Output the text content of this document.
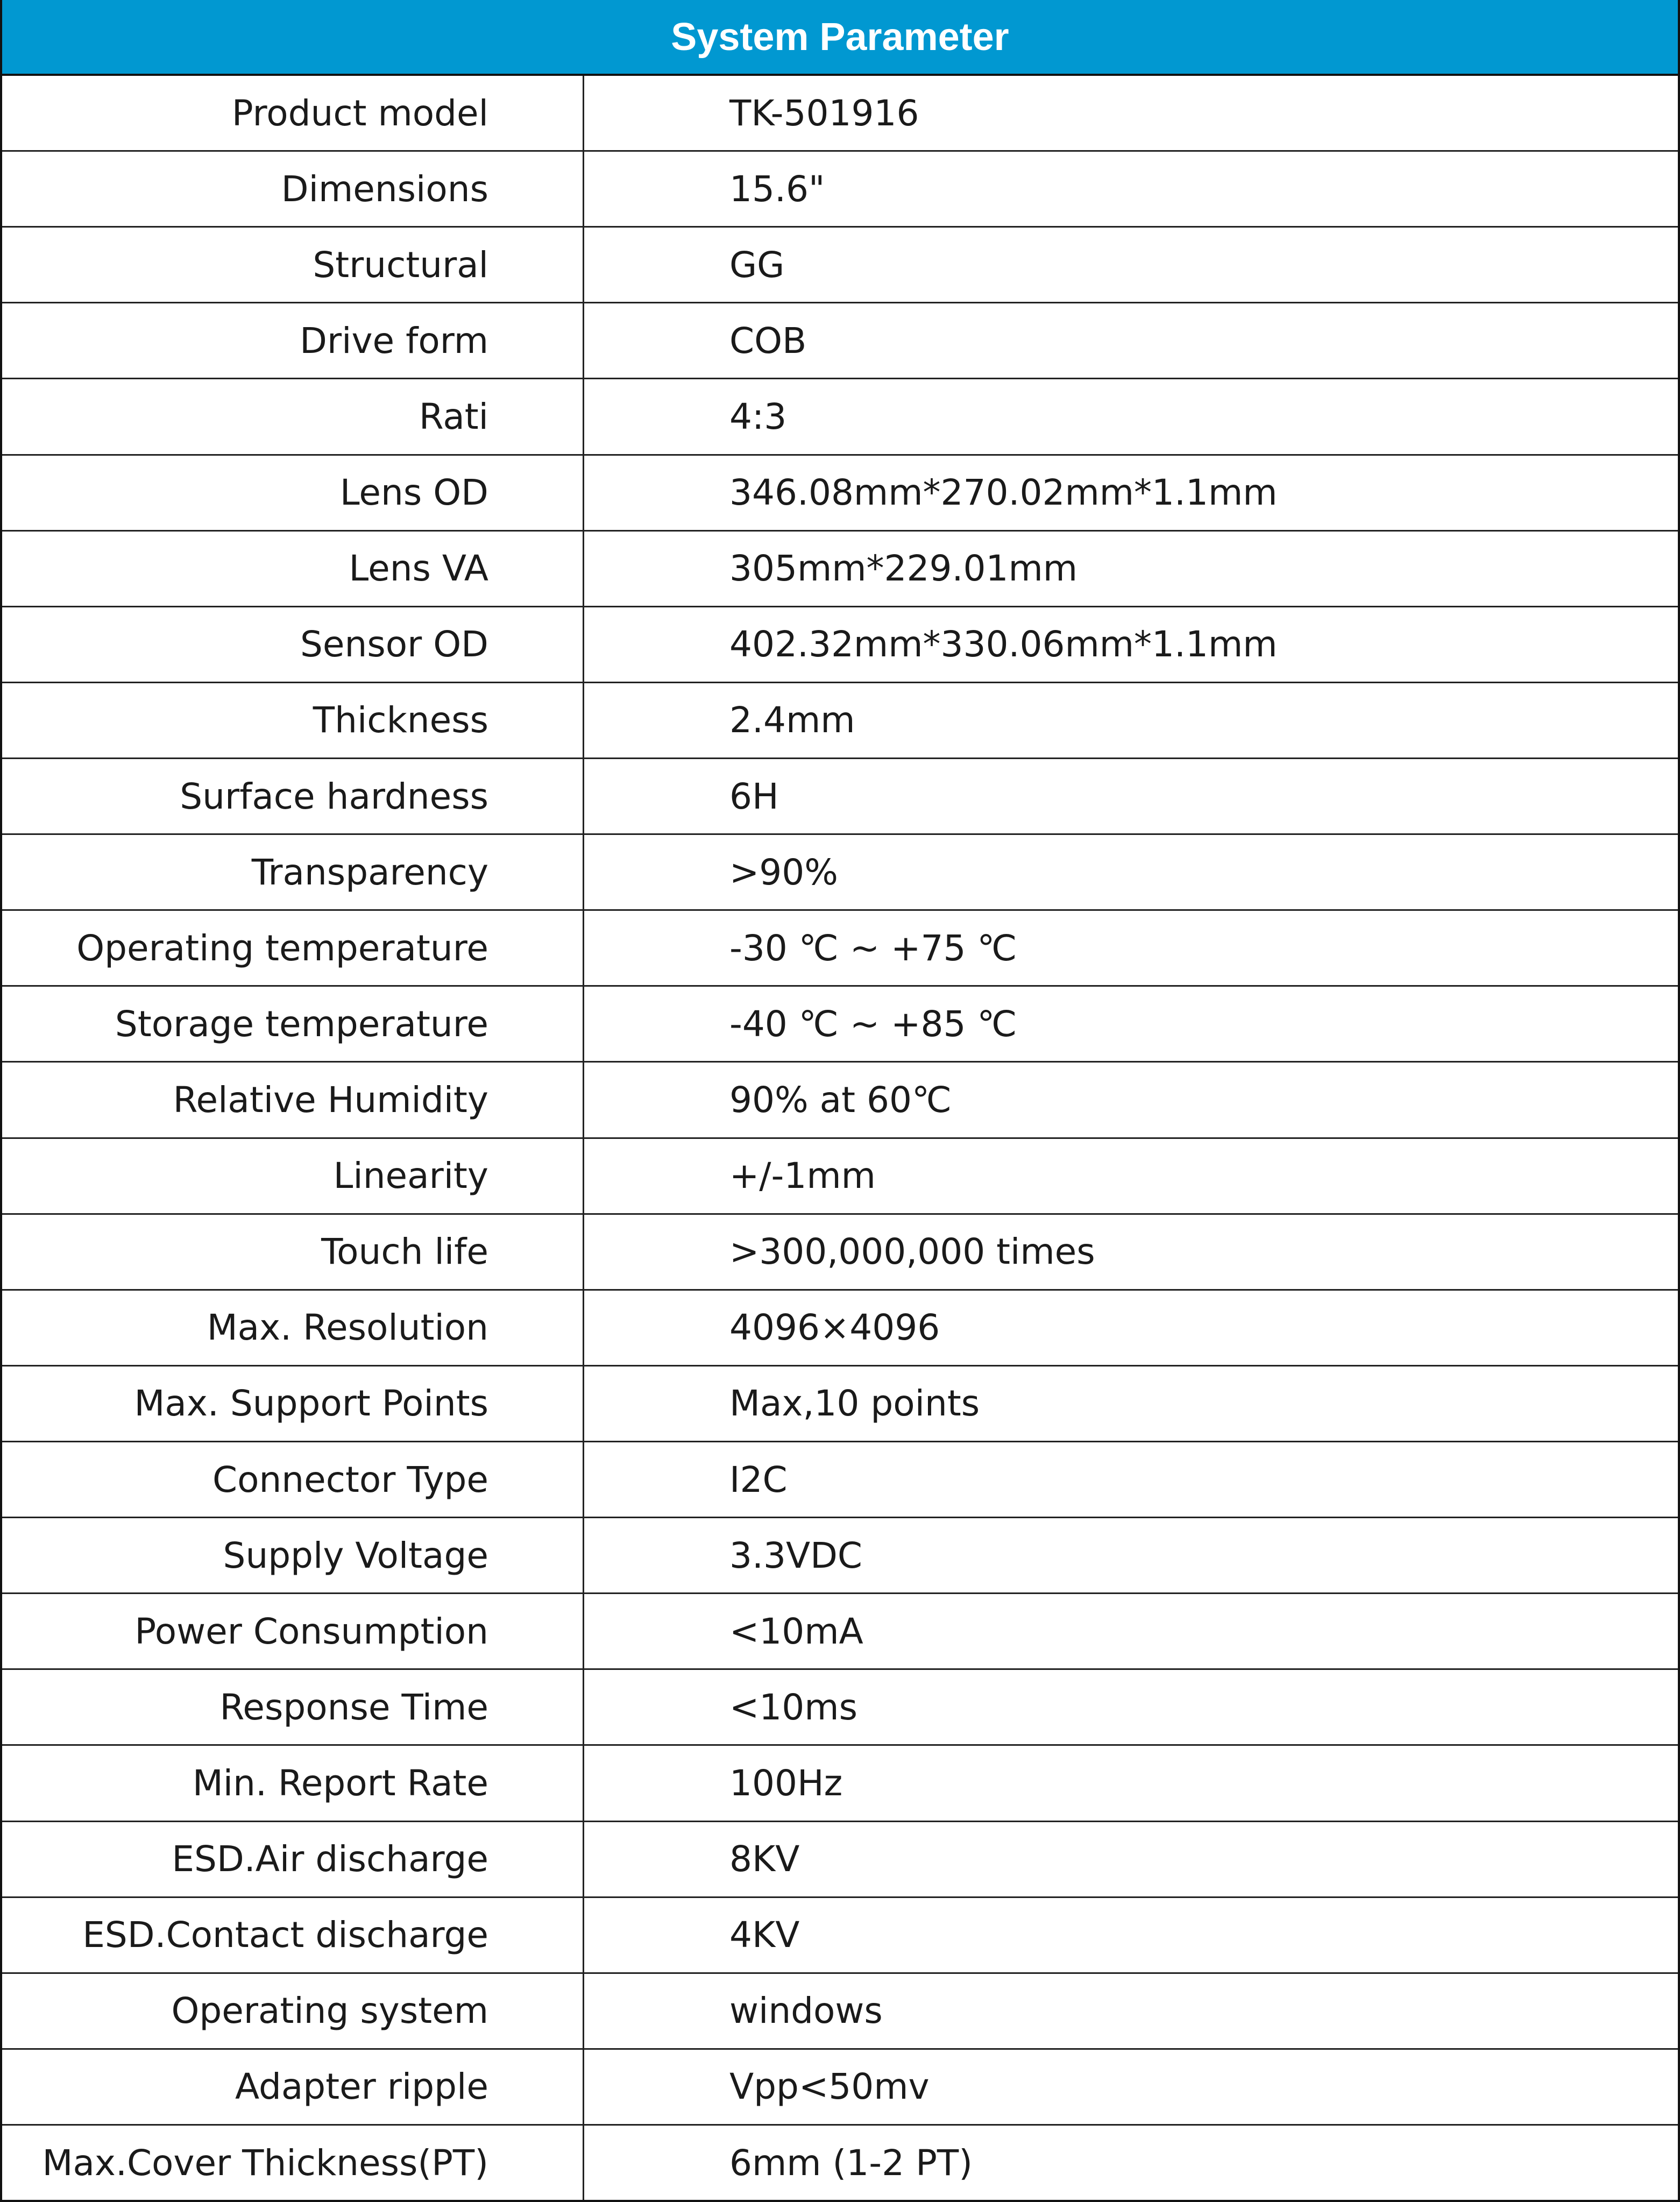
System Parameter
Product model	TK-501916
Dimensions	15.6"
Structural	GG
Drive form	COB
Rati	4:3
Lens OD	346.08mm*270.02mm*1.1mm
Lens VA	305mm*229.01mm
Sensor OD	402.32mm*330.06mm*1.1mm
Thickness	2.4mm
Surface hardness	6H
Transparency	>90%
Operating temperature	-30 ℃ ~ +75 ℃
Storage temperature	-40 ℃ ~ +85 ℃
Relative Humidity	90% at 60℃
Linearity	+/-1mm
Touch life	>300,000,000 times
Max. Resolution	4096×4096
Max. Support Points	Max,10 points
Connector Type	I2C
Supply Voltage	3.3VDC
Power Consumption	<10mA
Response Time	<10ms
Min. Report Rate	100Hz
ESD.Air discharge	8KV
ESD.Contact discharge	4KV
Operating system	windows
Adapter ripple	Vpp<50mv
Max.Cover Thickness(PT)	6mm (1-2 PT)
